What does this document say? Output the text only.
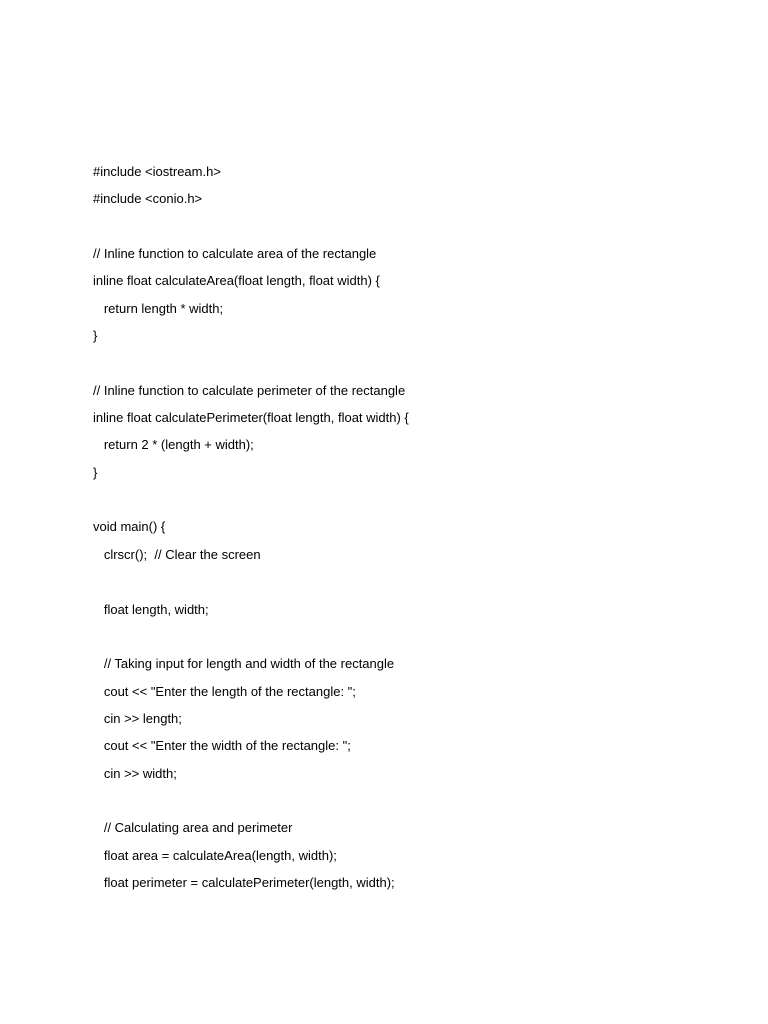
#include <iostream.h>
#include <conio.h>
// Inline function to calculate area of the rectangle
inline float calculateArea(float length, float width) {
return length * width;
}
// Inline function to calculate perimeter of the rectangle
inline float calculatePerimeter(float length, float width) {
return 2 * (length + width);
}
void main() {
clrscr();  // Clear the screen
float length, width;
// Taking input for length and width of the rectangle
cout << "Enter the length of the rectangle: ";
cin >> length;
cout << "Enter the width of the rectangle: ";
cin >> width;
// Calculating area and perimeter
float area = calculateArea(length, width);
float perimeter = calculatePerimeter(length, width);
